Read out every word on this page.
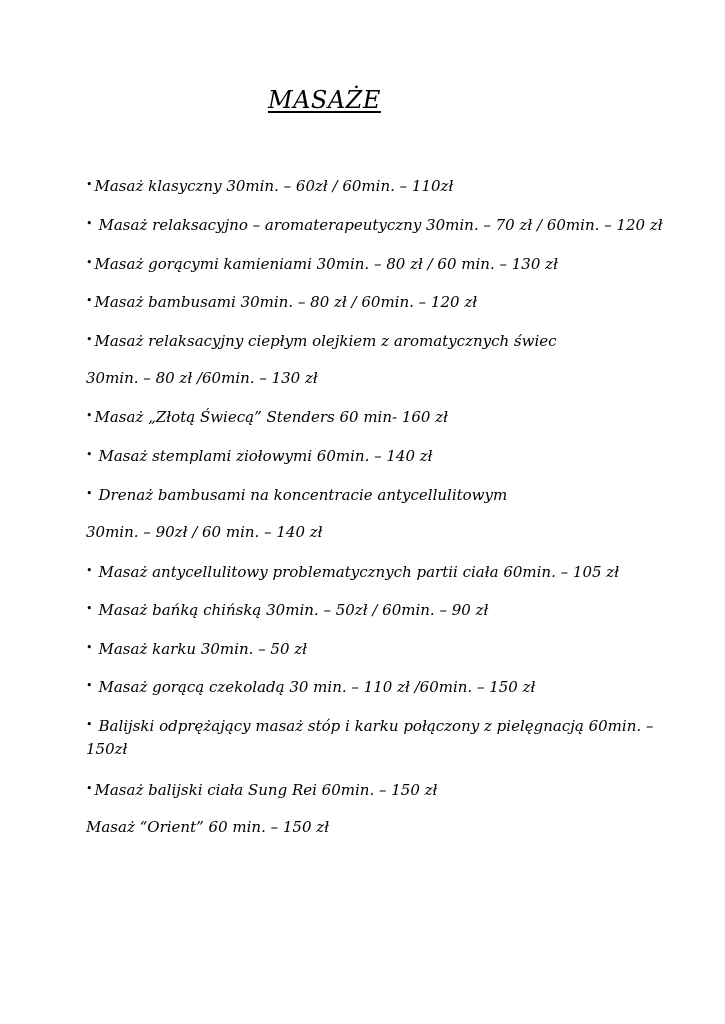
MASAŻE
• Masaż klasyczny 30min. – 60zł / 60min. – 110zł
• Masaż relaksacyjno – aromaterapeutyczny 30min. – 70 zł / 60min. – 120 zł
• Masaż gorącymi kamieniami 30min. – 80 zł / 60 min. – 130 zł
• Masaż bambusami 30min. – 80 zł / 60min. – 120 zł
• Masaż relaksacyjny ciepłym olejkiem z aromatycznych świec
30min. – 80 zł /60min. – 130 zł
• Masaż „Złotą Świecą” Stenders 60 min- 160 zł
• Masaż stemplami ziołowymi 60min. – 140 zł
• Drenaż bambusami na koncentracie antycellulitowym
30min. – 90zł / 60 min. – 140 zł
• Masaż antycellulitowy problematycznych partii ciała 60min. – 105 zł
• Masaż bańką chińską 30min. – 50zł / 60min. – 90 zł
• Masaż karku 30min. – 50 zł
• Masaż gorącą czekoladą 30 min. – 110 zł /60min. – 150 zł
• Balijski odprężający masaż stóp i karku połączony z pielęgnacją 60min. –
150zł
• Masaż balijski ciała Sung Rei 60min. – 150 zł
Masaż “Orient” 60 min. – 150 zł
